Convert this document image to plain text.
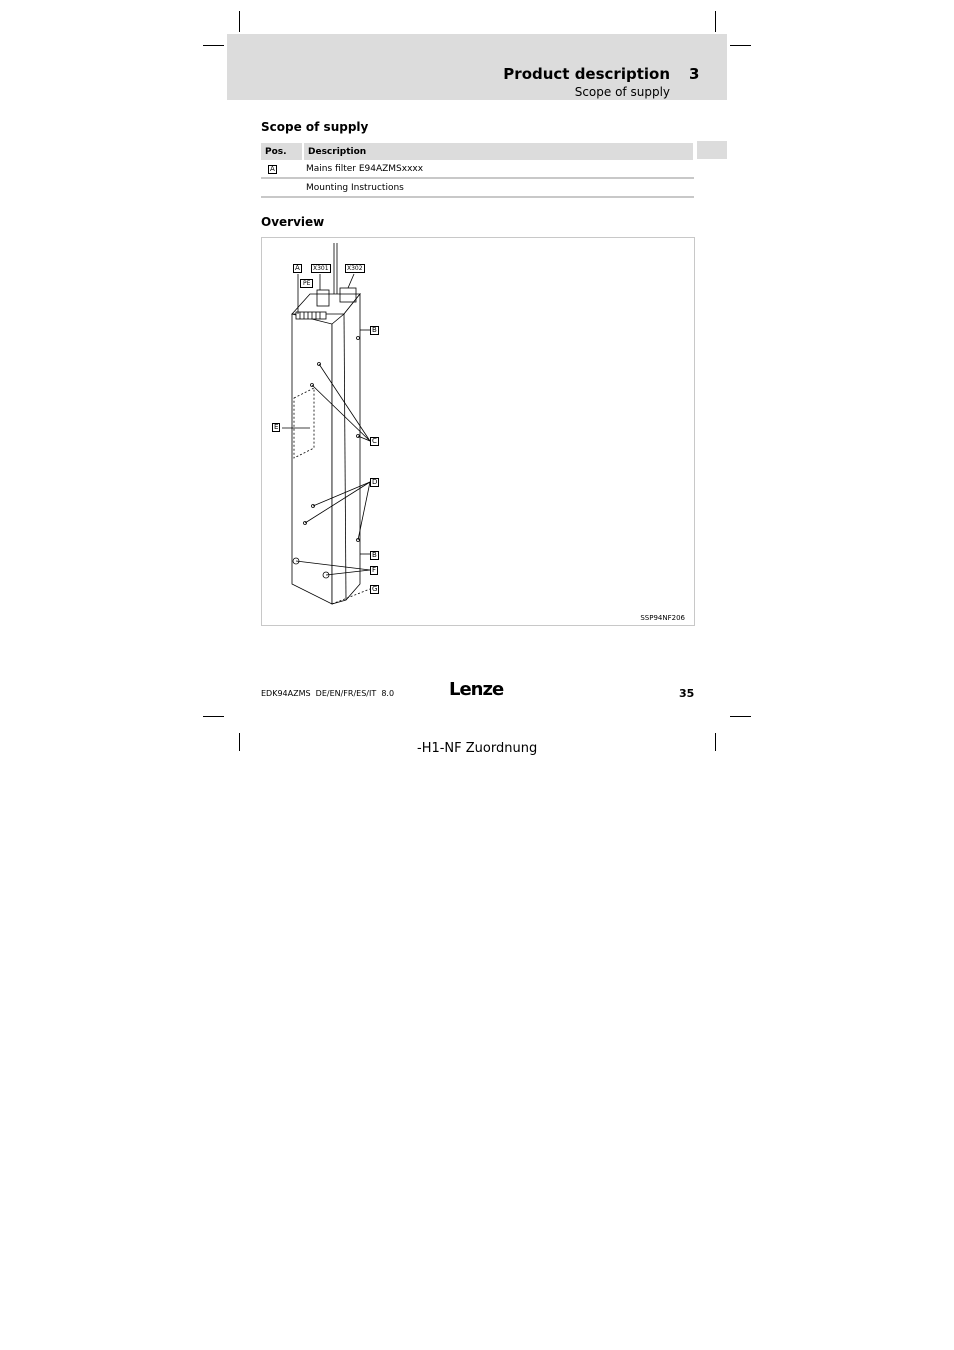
Product description 3
Scope of supply
Scope of supply
Pos.	Description
A	Mains filter E94AZMSxxxx
	Mounting Instructions
Overview
A	X301	X302
PE
B
E
C
D
B
F
G
SSP94NF206
EDK94AZMS  DE/EN/FR/ES/IT  8.0	Lenze	35
-H1-NF Zuordnung
